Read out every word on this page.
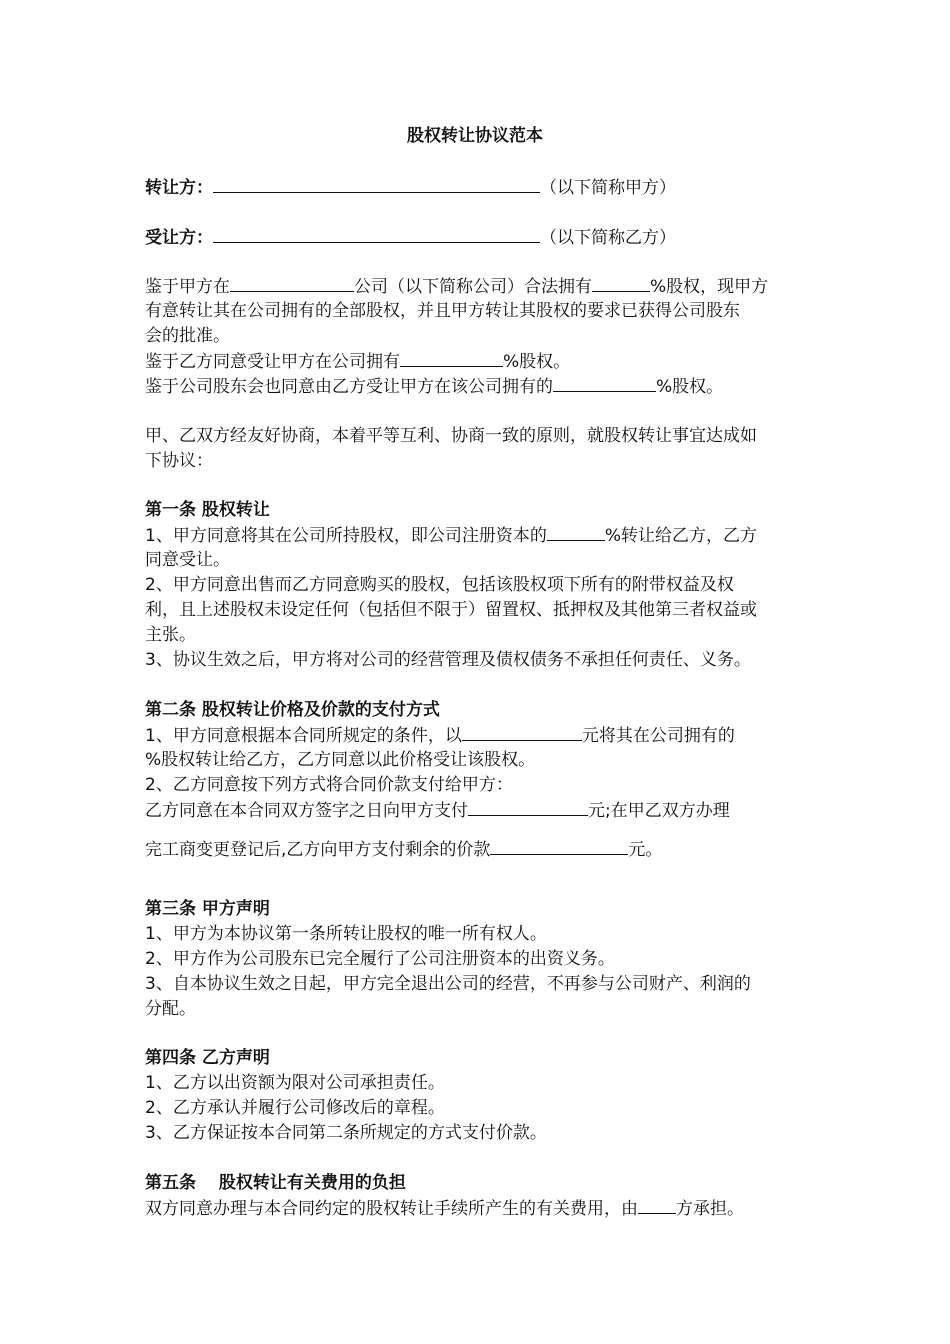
股权转让协议范本
转让方：	（以下简称甲方）
受让方：	（以下简称乙方）
鉴于甲方在	公司（以下简称公司）合法拥有	%股权，现甲方
有意转让其在公司拥有的全部股权，并且甲方转让其股权的要求已获得公司股东
会的批准。
鉴于乙方同意受让甲方在公司拥有	%股权。
鉴于公司股东会也同意由乙方受让甲方在该公司拥有的	%股权。
甲、乙双方经友好协商，本着平等互利、协商一致的原则，就股权转让事宜达成如
下协议：
第一条 股权转让
1、甲方同意将其在公司所持股权，即公司注册资本的	%转让给乙方，乙方
同意受让。
2、甲方同意出售而乙方同意购买的股权，包括该股权项下所有的附带权益及权
利，且上述股权未设定任何（包括但不限于）留置权、抵押权及其他第三者权益或
主张。
3、协议生效之后，甲方将对公司的经营管理及债权债务不承担任何责任、义务。
第二条 股权转让价格及价款的支付方式
1、甲方同意根据本合同所规定的条件，以	元将其在公司拥有的
%股权转让给乙方，乙方同意以此价格受让该股权。
2、乙方同意按下列方式将合同价款支付给甲方：
乙方同意在本合同双方签字之日向甲方支付	元;在甲乙双方办理
完工商变更登记后,乙方向甲方支付剩余的价款	元。
第三条 甲方声明
1、甲方为本协议第一条所转让股权的唯一所有权人。
2、甲方作为公司股东已完全履行了公司注册资本的出资义务。
3、自本协议生效之日起，甲方完全退出公司的经营，不再参与公司财产、利润的
分配。
第四条 乙方声明
1、乙方以出资额为限对公司承担责任。
2、乙方承认并履行公司修改后的章程。
3、乙方保证按本合同第二条所规定的方式支付价款。
第五条　 股权转让有关费用的负担
双方同意办理与本合同约定的股权转让手续所产生的有关费用，由 方承担。
